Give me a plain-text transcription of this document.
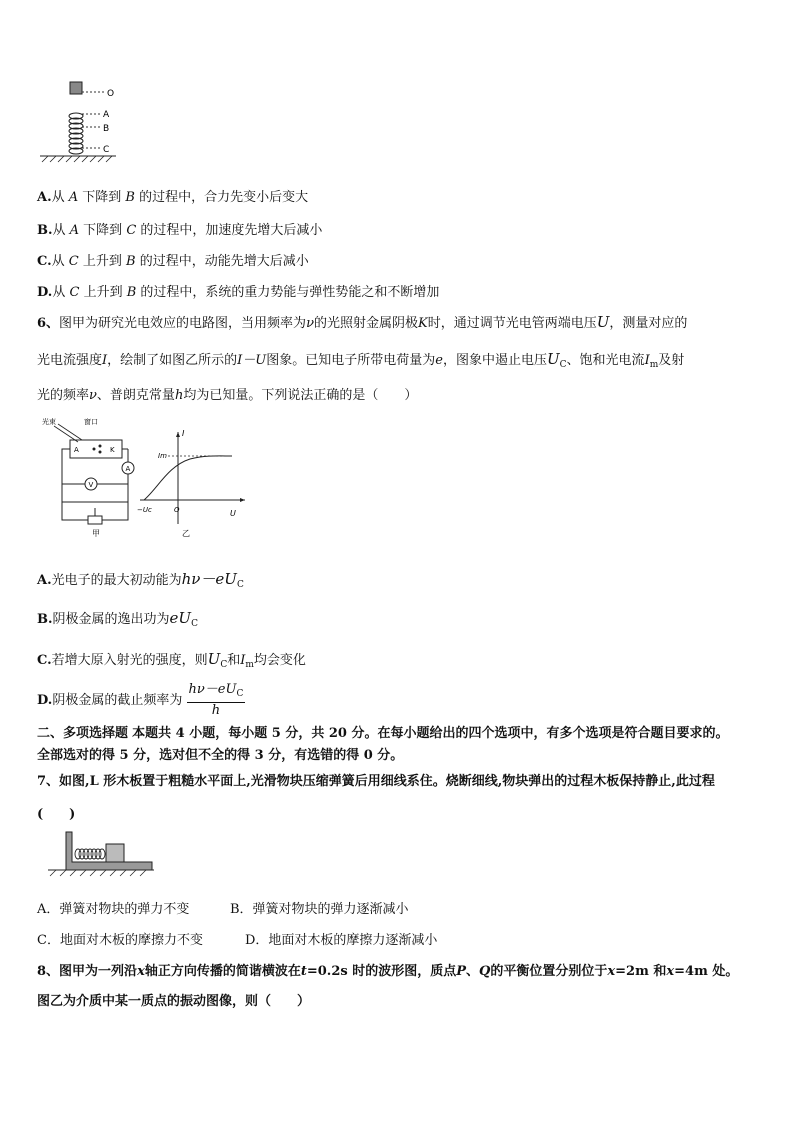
O
A
B
C
A.从 A 下降到 B 的过程中，合力先变小后变大
B.从 A 下降到 C 的过程中，加速度先增大后减小
C.从 C 上升到 B 的过程中，动能先增大后减小
D.从 C 上升到 B 的过程中，系统的重力势能与弹性势能之和不断增加
6、图甲为研究光电效应的电路图，当用频率为ν的光照射金属阴极K时，通过调节光电管两端电压U，测量对应的
光电流强度I，绘制了如图乙所示的I－U图象。已知电子所带电荷量为e，图象中遏止电压$U_C$、饱和光电流$I_m$及射
光的频率ν、普朗克常量h均为已知量。下列说法正确的是（　　）
光束	窗口
A	K
A
V
甲
I
U
Im
−Uc	O
乙
A.光电子的最大初动能为$h\nu-eU_C$
B.阴极金属的逸出功为$eU_C$
C.若增大原入射光的强度，则$U_C$和$I_m$均会变化
D.阴极金属的截止频率为 $\frac{h\nu-eU_C}{h}$
二、多项选择题 本题共 4 小题，每小题 5 分，共 20 分。在每小题给出的四个选项中，有多个选项是符合题目要求的。
全部选对的得 5 分，选对但不全的得 3 分，有选错的得 0 分。
7、如图,L 形木板置于粗糙水平面上,光滑物块压缩弹簧后用细线系住。烧断细线,物块弹出的过程木板保持静止,此过程
(　　)
A．弹簧对物块的弹力不变	B．弹簧对物块的弹力逐渐减小
C．地面对木板的摩擦力不变	D．地面对木板的摩擦力逐渐减小
8、图甲为一列沿x轴正方向传播的简谐横波在t=0.2s 时的波形图，质点P、Q的平衡位置分别位于x=2m 和x=4m 处。
图乙为介质中某一质点的振动图像，则（　　）
